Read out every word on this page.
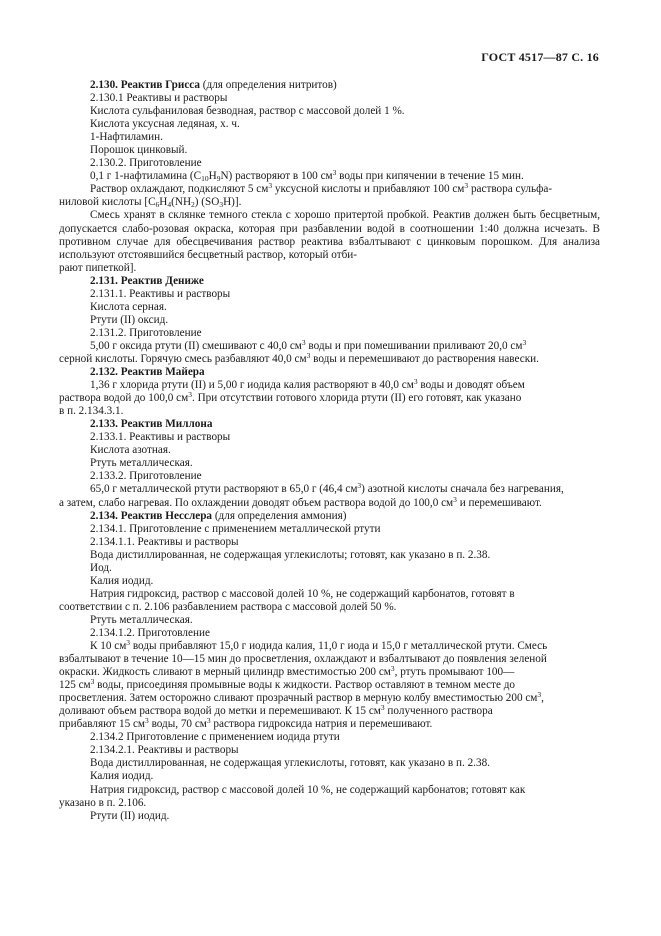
ГОСТ 4517—87 С. 16

2.130. Реактив Грисса (для определения нитритов)

2.130.1 Реактивы и растворы

Кислота сульфаниловая безводная, раствор с массовой долей 1 %.

Кислота уксусная ледяная, х. ч.

1-Нафтиламин.

Порошок цинковый.

2.130.2. Приготовление

0,1 г 1-нафтиламина $(C_{10}H_9N)$ растворяют в 100 $см^3$ воды при кипячении в течение 15 мин.

Раствор охлаждают, подкисляют 5 $см^3$ уксусной кислоты и прибавляют 100 $см^3$ раствора сульфа-

ниловой кислоты [$C_6H_4(NH_2)$ $(SO_3H)$].

Смесь хранят в склянке темного стекла с хорошо притертой пробкой. Реактив должен быть бесцветным, допускается слабо-розовая окраска, которая при разбавлении водой в соотношении 1:40 должна исчезать. В противном случае для обесцвечивания раствор реактива взбалтывают с цинковым порошком. Для анализа используют отстоявшийся бесцветный раствор, который отби-

рают пипеткой].

2.131. Реактив Дениже

2.131.1. Реактивы и растворы

Кислота серная.

Ртути (II) оксид.

2.131.2. Приготовление

5,00 г оксида ртути (II) смешивают с 40,0 $см^3$ воды и при помешивании приливают 20,0 $см^3$

серной кислоты. Горячую смесь разбавляют 40,0 $см^3$ воды и перемешивают до растворения навески.

2.132. Реактив Майера

1,36 г хлорида ртути (II) и 5,00 г иодида калия растворяют в 40,0 $см^3$ воды и доводят объем

раствора водой до 100,0 $см^3$. При отсутствии готового хлорида ртути (II) его готовят, как указано

в п. 2.134.3.1.

2.133. Реактив Миллона

2.133.1. Реактивы и растворы

Кислота азотная.

Ртуть металлическая.

2.133.2. Приготовление

65,0 г металлической ртути растворяют в 65,0 г (46,4 $см^3$) азотной кислоты сначала без нагревания,

а затем, слабо нагревая. По охлаждении доводят объем раствора водой до 100,0 $см^3$ и перемешивают.

2.134. Реактив Несслера (для определения аммония)

2.134.1. Приготовление с применением металлической ртути

2.134.1.1. Реактивы и растворы

Вода дистиллированная, не содержащая углекислоты; готовят, как указано в п. 2.38.

Иод.

Калия иодид.

Натрия гидроксид, раствор с массовой долей 10 %, не содержащий карбонатов, готовят в

соответствии с п. 2.106 разбавлением раствора с массовой долей 50 %.

Ртуть металлическая.

2.134.1.2. Приготовление

К 10 $см^3$ воды прибавляют 15,0 г иодида калия, 11,0 г иода и 15,0 г металлической ртути. Смесь

взбалтывают в течение 10—15 мин до просветления, охлаждают и взбалтывают до появления зеленой

окраски. Жидкость сливают в мерный цилиндр вместимостью 200 $см^3$, ртуть промывают 100—

125 $см^3$ воды, присоединяя промывные воды к жидкости. Раствор оставляют в темном месте до

просветления. Затем осторожно сливают прозрачный раствор в мерную колбу вместимостью 200 $см^3$,

доливают объем раствора водой до метки и перемешивают. К 15 $см^3$ полученного раствора

прибавляют 15 $см^3$ воды, 70 $см^3$ раствора гидроксида натрия и перемешивают.

2.134.2 Приготовление с применением иодида ртути

2.134.2.1. Реактивы и растворы

Вода дистиллированная, не содержащая углекислоты, готовят, как указано в п. 2.38.

Калия иодид.

Натрия гидроксид, раствор с массовой долей 10 %, не содержащий карбонатов; готовят как

указано в п. 2.106.

Ртути (II) иодид.
